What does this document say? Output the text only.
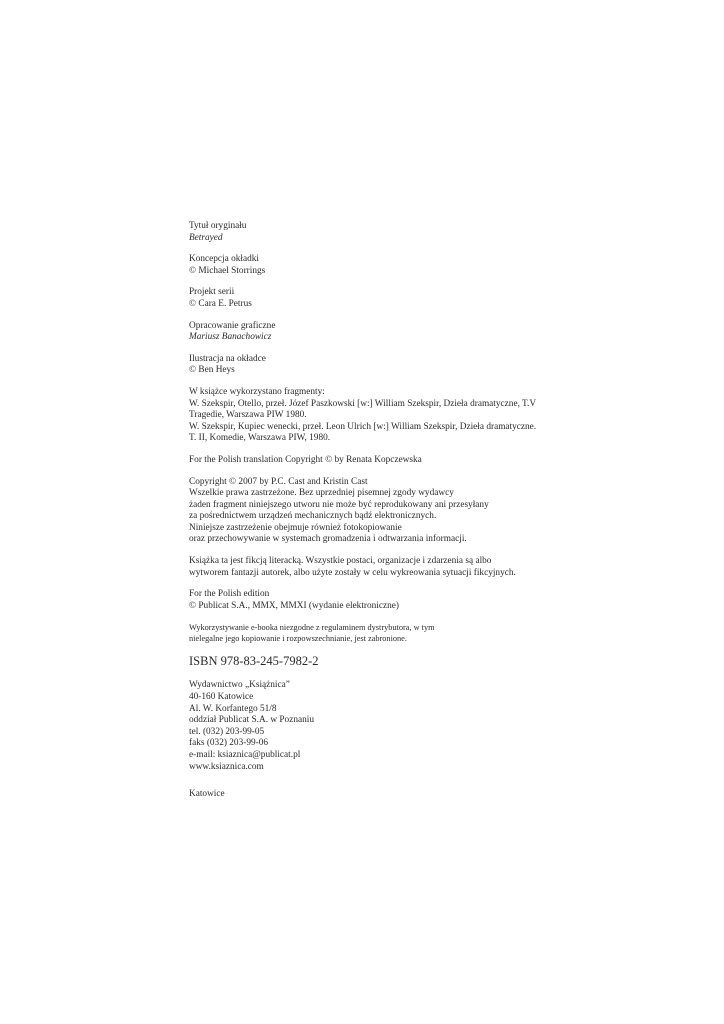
Tytuł oryginału
Betrayed
Koncepcja okładki
© Michael Storrings
Projekt serii
© Cara E. Petrus
Opracowanie graficzne
Mariusz Banachowicz
Ilustracja na okładce
© Ben Heys
W książce wykorzystano fragmenty:
W. Szekspir, Otello, przeł. Józef Paszkowski [w:] William Szekspir, Dzieła dramatyczne, T.V
Tragedie, Warszawa PIW 1980.
W. Szekspir, Kupiec wenecki, przeł. Leon Ulrich [w:] William Szekspir, Dzieła dramatyczne.
T. II, Komedie, Warszawa PIW, 1980.
For the Polish translation Copyright © by Renata Kopczewska
Copyright © 2007 by P.C. Cast and Kristin Cast
Wszelkie prawa zastrzeżone. Bez uprzedniej pisemnej zgody wydawcy
żaden fragment niniejszego utworu nie może być reprodukowany ani przesyłany
za pośrednictwem urządzeń mechanicznych bądź elektronicznych.
Niniejsze zastrzeżenie obejmuje również fotokopiowanie
oraz przechowywanie w systemach gromadzenia i odtwarzania informacji.
Książka ta jest fikcją literacką. Wszystkie postaci, organizacje i zdarzenia są albo
wytworem fantazji autorek, albo użyte zostały w celu wykreowania sytuacji fikcyjnych.
For the Polish edition
© Publicat S.A., MMX, MMXI (wydanie elektroniczne)
Wykorzystywanie e-booka niezgodne z regulaminem dystrybutora, w tym
nielegalne jego kopiowanie i rozpowszechnianie, jest zabronione.
ISBN 978-83-245-7982-2
Wydawnictwo „Książnica”
40-160 Katowice
Al. W. Korfantego 51/8
oddział Publicat S.A. w Poznaniu
tel. (032) 203-99-05
faks (032) 203-99-06
e-mail: ksiaznica@publicat.pl
www.ksiaznica.com
Katowice
